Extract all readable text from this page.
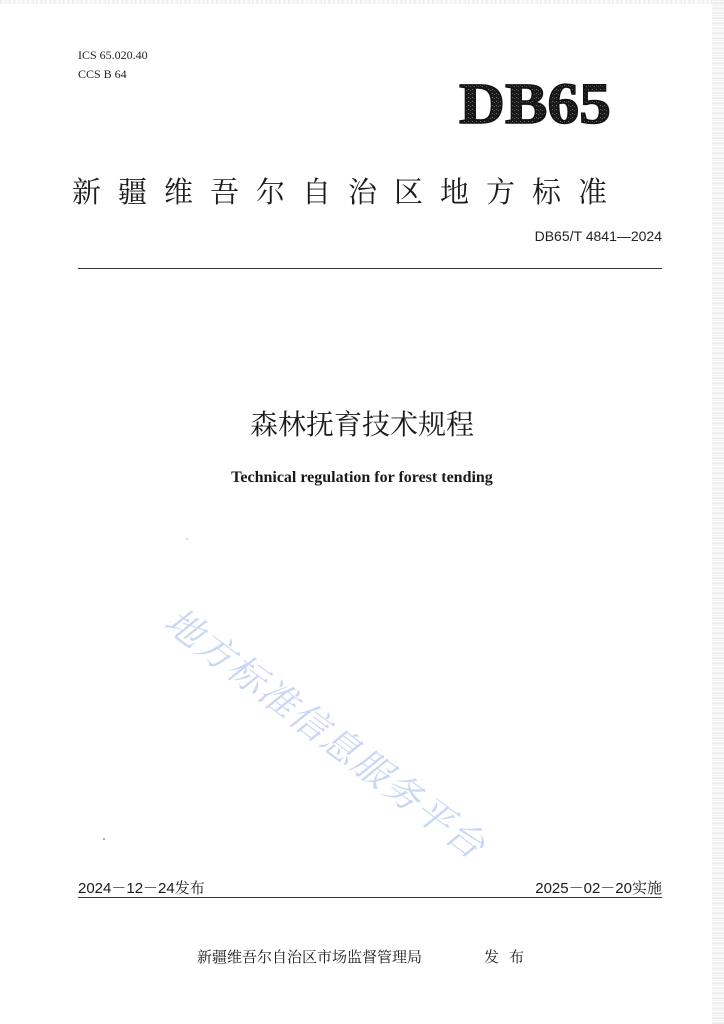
ICS 65.020.40
CCS B 64	DB65
新疆维吾尔自治区地方标准
DB65/T 4841—2024
森林抚育技术规程
Technical regulation for forest tending
地方标准信息服务平台
2024－12－24发布	2025－02－20实施
新疆维吾尔自治区市场监督管理局	发布
